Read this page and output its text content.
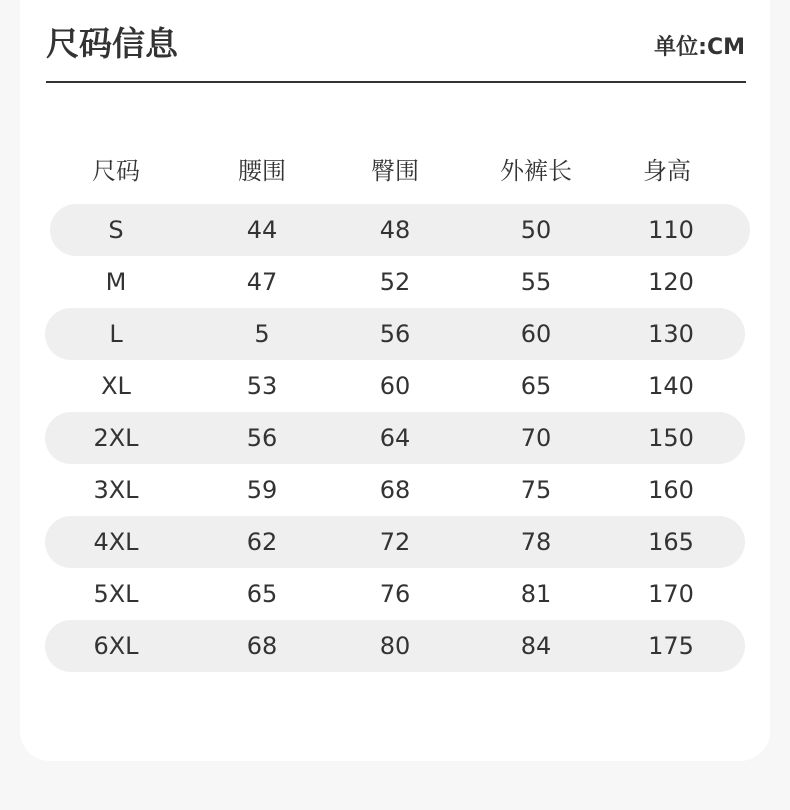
尺码信息	单位:CM
尺码	腰围	臀围	外裤长	身高
S	44	48	50	110
M	47	52	55	120
L	5	56	60	130
XL	53	60	65	140
2XL	56	64	70	150
3XL	59	68	75	160
4XL	62	72	78	165
5XL	65	76	81	170
6XL	68	80	84	175
